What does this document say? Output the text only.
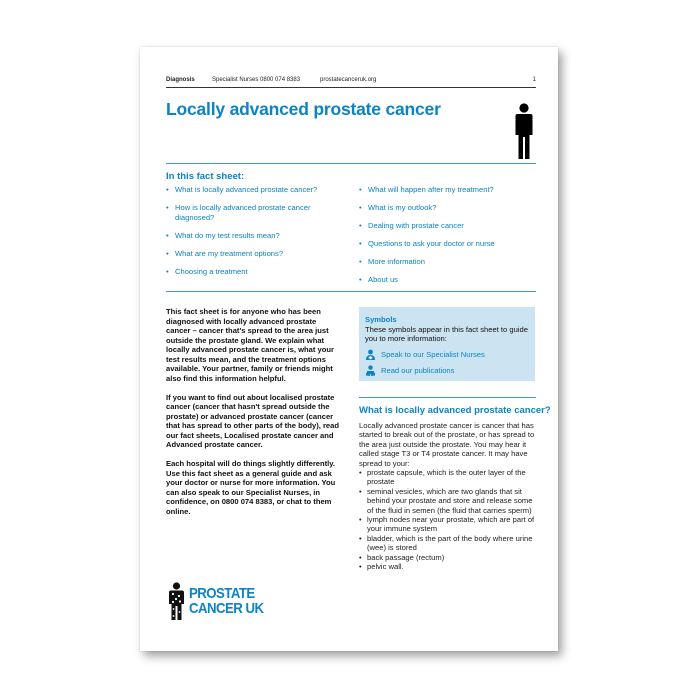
Diagnosis	Specialist Nurses 0800 074 8383	prostatecanceruk.org	1
Locally advanced prostate cancer
In this fact sheet:
• What is locally advanced prostate cancer?
• How is locally advanced prostate cancer diagnosed?
• What do my test results mean?
• What are my treatment options?
• Choosing a treatment
• What will happen after my treatment?
• What is my outlook?
• Dealing with prostate cancer
• Questions to ask your doctor or nurse
• More information
• About us

This fact sheet is for anyone who has been diagnosed with locally advanced prostate cancer – cancer that's spread to the area just outside the prostate gland. We explain what locally advanced prostate cancer is, what your test results mean, and the treatment options available. Your partner, family or friends might also find this information helpful.

If you want to find out about localised prostate cancer (cancer that hasn't spread outside the prostate) or advanced prostate cancer (cancer that has spread to other parts of the body), read our fact sheets, Localised prostate cancer and Advanced prostate cancer.

Each hospital will do things slightly differently. Use this fact sheet as a general guide and ask your doctor or nurse for more information. You can also speak to our Specialist Nurses, in confidence, on 0800 074 8383, or chat to them online.

Symbols
These symbols appear in this fact sheet to guide you to more information:
Speak to our Specialist Nurses
Read our publications
What is locally advanced prostate cancer?

Locally advanced prostate cancer is cancer that has started to break out of the prostate, or has spread to the area just outside the prostate. You may hear it called stage T3 or T4 prostate cancer. It may have spread to your:

• prostate capsule, which is the outer layer of the prostate
• seminal vesicles, which are two glands that sit behind your prostate and store and release some of the fluid in semen (the fluid that carries sperm)
• lymph nodes near your prostate, which are part of your immune system
• bladder, which is the part of the body where urine (wee) is stored
• back passage (rectum)
• pelvic wall.
PROSTATE
CANCER UK
